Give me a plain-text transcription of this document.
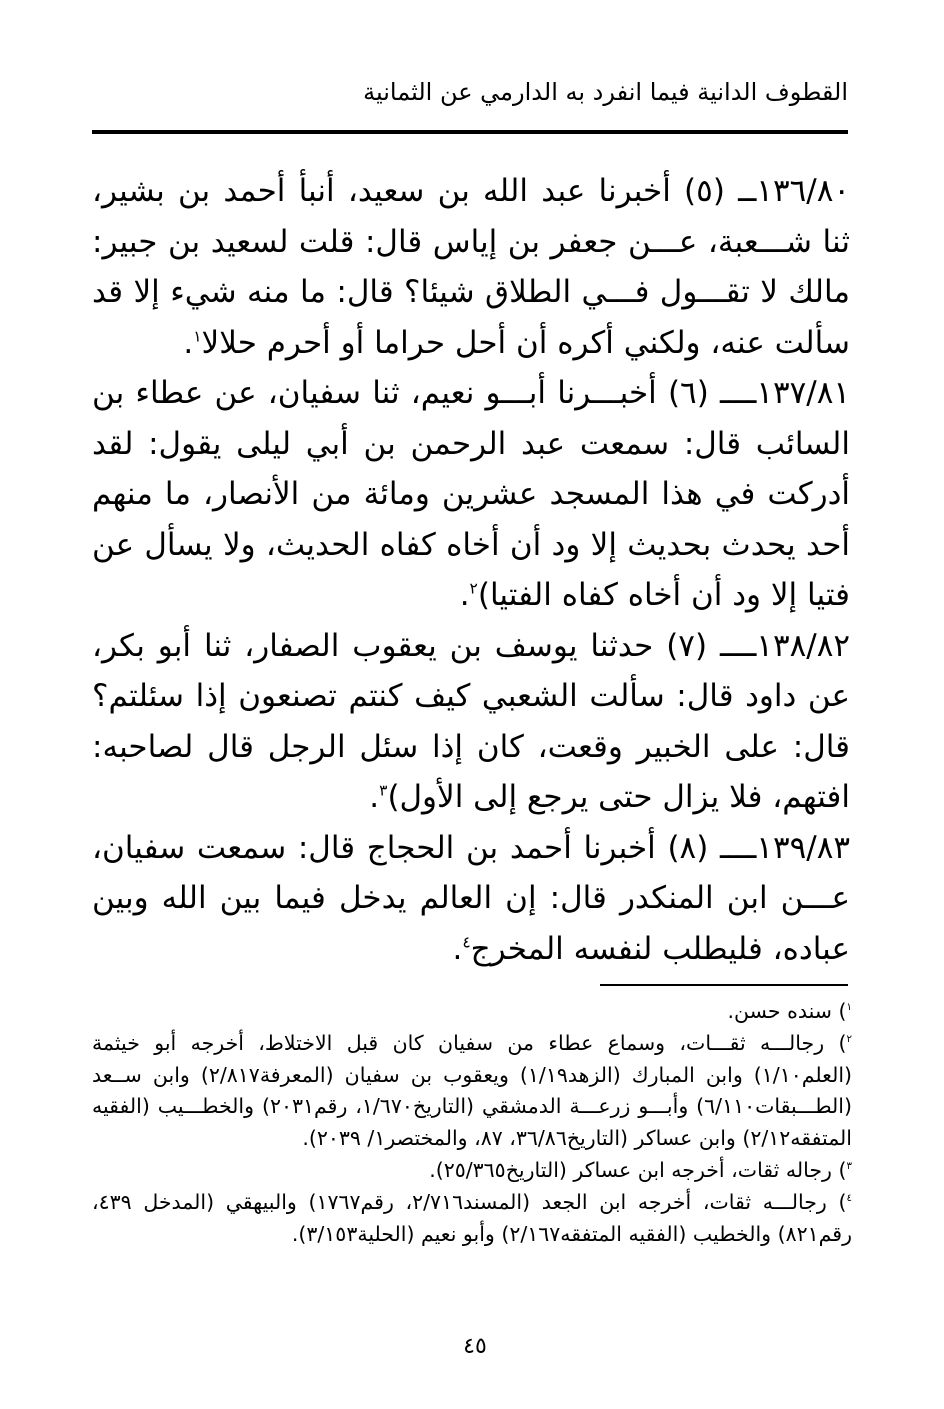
القطوف الدانية فيما انفرد به الدارمي عن الثمانية

١٣٦/٨٠ــ (٥) أخبرنا عبد الله بن سعيد، أنبأ أحمد بن بشير، ثنا شـــعبة، عـــن جعفر بن إياس قال: قلت لسعيد بن جبير: مالك لا تقـــول فـــي الطلاق شيئا؟ قال: ما منه شيء إلا قد سألت عنه، ولكني أكره أن أحل حراما أو أحرم حلالا$^١$.

١٣٧/٨١ــــ (٦) أخبـــرنا أبـــو نعيم، ثنا سفيان، عن عطاء بن السائب قال: سمعت عبد الرحمن بن أبي ليلى يقول: لقد أدركت في هذا المسجد عشرين ومائة من الأنصار، ما منهم أحد يحدث بحديث إلا ود أن أخاه كفاه الحديث، ولا يسأل عن فتيا إلا ود أن أخاه كفاه الفتيا)$^٢$.

١٣٨/٨٢ــــ (٧) حدثنا يوسف بن يعقوب الصفار، ثنا أبو بكر، عن داود قال: سألت الشعبي كيف كنتم تصنعون إذا سئلتم؟ قال: على الخبير وقعت، كان إذا سئل الرجل قال لصاحبه: افتهم، فلا يزال حتى يرجع إلى الأول)$^٣$.

١٣٩/٨٣ــــ (٨) أخبرنا أحمد بن الحجاج قال: سمعت سفيان، عـــن ابن المنكدر قال: إن العالم يدخل فيما بين الله وبين عباده، فليطلب لنفسه المخرج$^٤$.

$^١$) سنده حسن.

$^٢$) رجالـــه ثقـــات، وسماع عطاء من سفيان كان قبل الاختلاط، أخرجه أبو خيثمة (العلم١/١٠) وابن المبارك (الزهد١/١٩) ويعقوب بن سفيان (المعرفة٢/٨١٧) وابن ســعد (الطـــبقات٦/١١٠) وأبـــو زرعـــة الدمشقي (التاريخ١/٦٧٠، رقم٢٠٣١) والخطـــيب (الفقيه المتفقه٢/١٢) وابن عساكر (التاريخ٣٦/٨٦، ٨٧، والمختصر١/ ٢٠٣٩).

$^٣$) رجاله ثقات، أخرجه ابن عساكر (التاريخ٢٥/٣٦٥).

$^٤$) رجالـــه ثقات، أخرجه ابن الجعد (المسند٢/٧١٦، رقم١٧٦٧) والبيهقي (المدخل ٤٣٩، رقم٨٢١) والخطيب (الفقيه المتفقه٢/١٦٧) وأبو نعيم (الحلية٣/١٥٣).

٤٥
